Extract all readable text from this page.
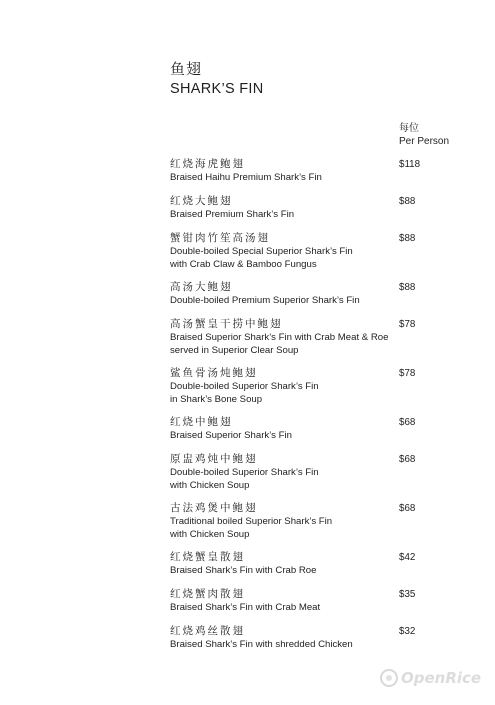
鱼翅
SHARK’S FIN
每位
Per Person
红烧海虎鲍翅
Braised Haihu Premium Shark’s Fin
$118
红烧大鲍翅
Braised Premium Shark’s Fin
$88
蟹钳肉竹笙高汤翅
Double-boiled Special Superior Shark’s Fin
with Crab Claw & Bamboo Fungus
$88
高汤大鲍翅
Double-boiled Premium Superior Shark’s Fin
$88
高汤蟹皇干捞中鲍翅
Braised Superior Shark’s Fin with Crab Meat & Roe
served in Superior Clear Soup
$78
鲨鱼骨汤炖鲍翅
Double-boiled Superior Shark’s Fin
in Shark’s Bone Soup
$78
红烧中鲍翅
Braised Superior Shark’s Fin
$68
原盅鸡炖中鲍翅
Double-boiled Superior Shark’s Fin
with Chicken Soup
$68
古法鸡煲中鲍翅
Traditional boiled Superior Shark’s Fin
with Chicken Soup
$68
红烧蟹皇散翅
Braised Shark’s Fin with Crab Roe
$42
红烧蟹肉散翅
Braised Shark’s Fin with Crab Meat
$35
红烧鸡丝散翅
Braised Shark’s Fin with shredded Chicken
$32
OpenRice
